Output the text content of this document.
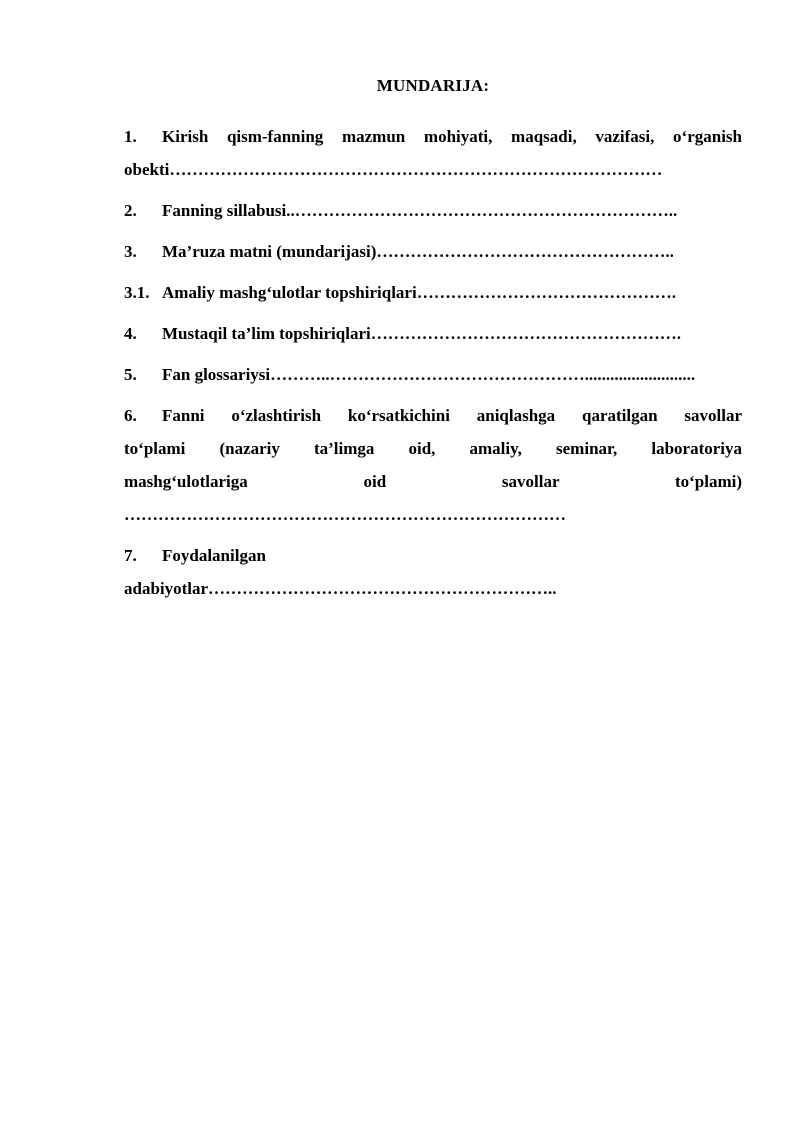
MUNDARIJA:

1. Kirish qism-fanning mazmun mohiyati, maqsadi, vazifasi, o‘rganish

obekti……………………………………………………………………………

2. Fanning sillabusi..…………………………………………………………..

3. Ma’ruza matni (mundarijasi)……………………………………………..

3.1. Amaliy mashg‘ulotlar topshiriqlari……………………………………….

4. Mustaqil ta’lim topshiriqlari……………………………………………….

5. Fan glossariysi………..………………………………………..........................

6. Fanni o‘zlashtirish ko‘rsatkichini aniqlashga qaratilgan savollar

to‘plami (nazariy ta’limga oid, amaliy, seminar, laboratoriya

mashg‘ulotlariga oid savollar to‘plami)

……………………………………………………………………

7. Foydalanilgan

adabiyotlar……………………………………………………..
